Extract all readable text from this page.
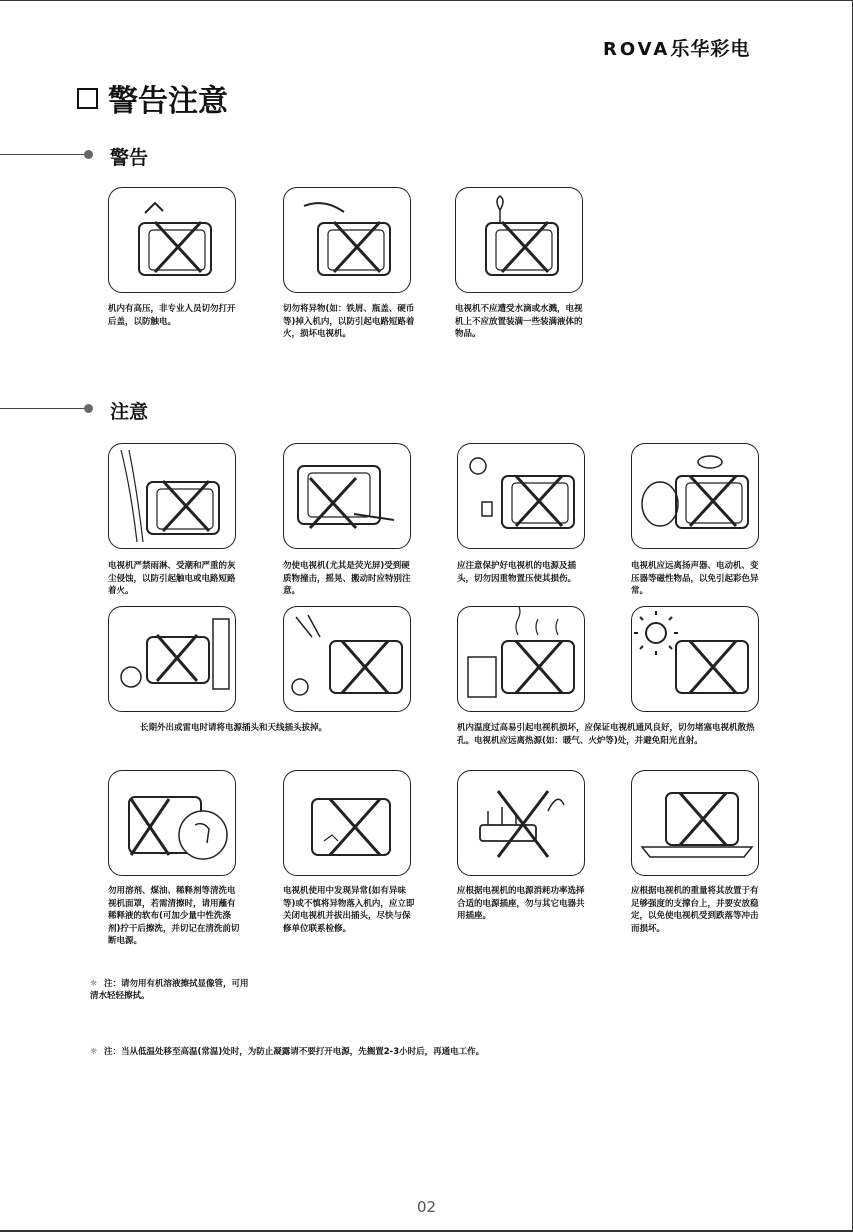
ROVA乐华彩电
警告注意
警告
机内有高压，非专业人员切勿打开后盖，以防触电。
切勿将异物(如：铁屑、瓶盖、硬币等)掉入机内，以防引起电路短路着火，损坏电视机。
电视机不应遭受水滴或水溅，电视机上不应放置装满一些装满液体的物品。
注意
电视机严禁雨淋、受潮和严重的灰尘侵蚀，以防引起触电或电路短路着火。
勿使电视机(尤其是荧光屏)受到硬质物撞击，摇晃、搬动时应特别注意。
应注意保护好电视机的电源及插头，切勿因重物置压使其损伤。
电视机应远离扬声器、电动机、变压器等磁性物品，以免引起彩色异常。
长期外出或雷电时请将电源插头和天线插头拔掉。	机内温度过高易引起电视机损坏，应保证电视机通风良好，切勿堵塞电视机散热孔。电视机应远离热源(如：暖气、火炉等)处，并避免阳光直射。
勿用溶剂、煤油、稀释剂等清洗电视机面罩，若需清擦时，请用蘸有稀释液的软布(可加少量中性洗涤剂)拧干后擦洗，并切记在清洗前切断电源。
电视机使用中发现异常(如有异味等)或不慎将异物落入机内，应立即关闭电视机并拔出插头，尽快与保修单位联系检修。
应根据电视机的电源消耗功率选择合适的电源插座，勿与其它电器共用插座。
应根据电视机的重量将其放置于有足够强度的支撑台上，并要安放稳定，以免使电视机受到跌落等冲击而损坏。
☼ 注：请勿用有机溶液擦拭显像管，可用清水轻轻擦拭。
☼ 注：当从低温处移至高温(常温)处时，为防止凝露请不要打开电源，先搁置2-3小时后，再通电工作。
02
